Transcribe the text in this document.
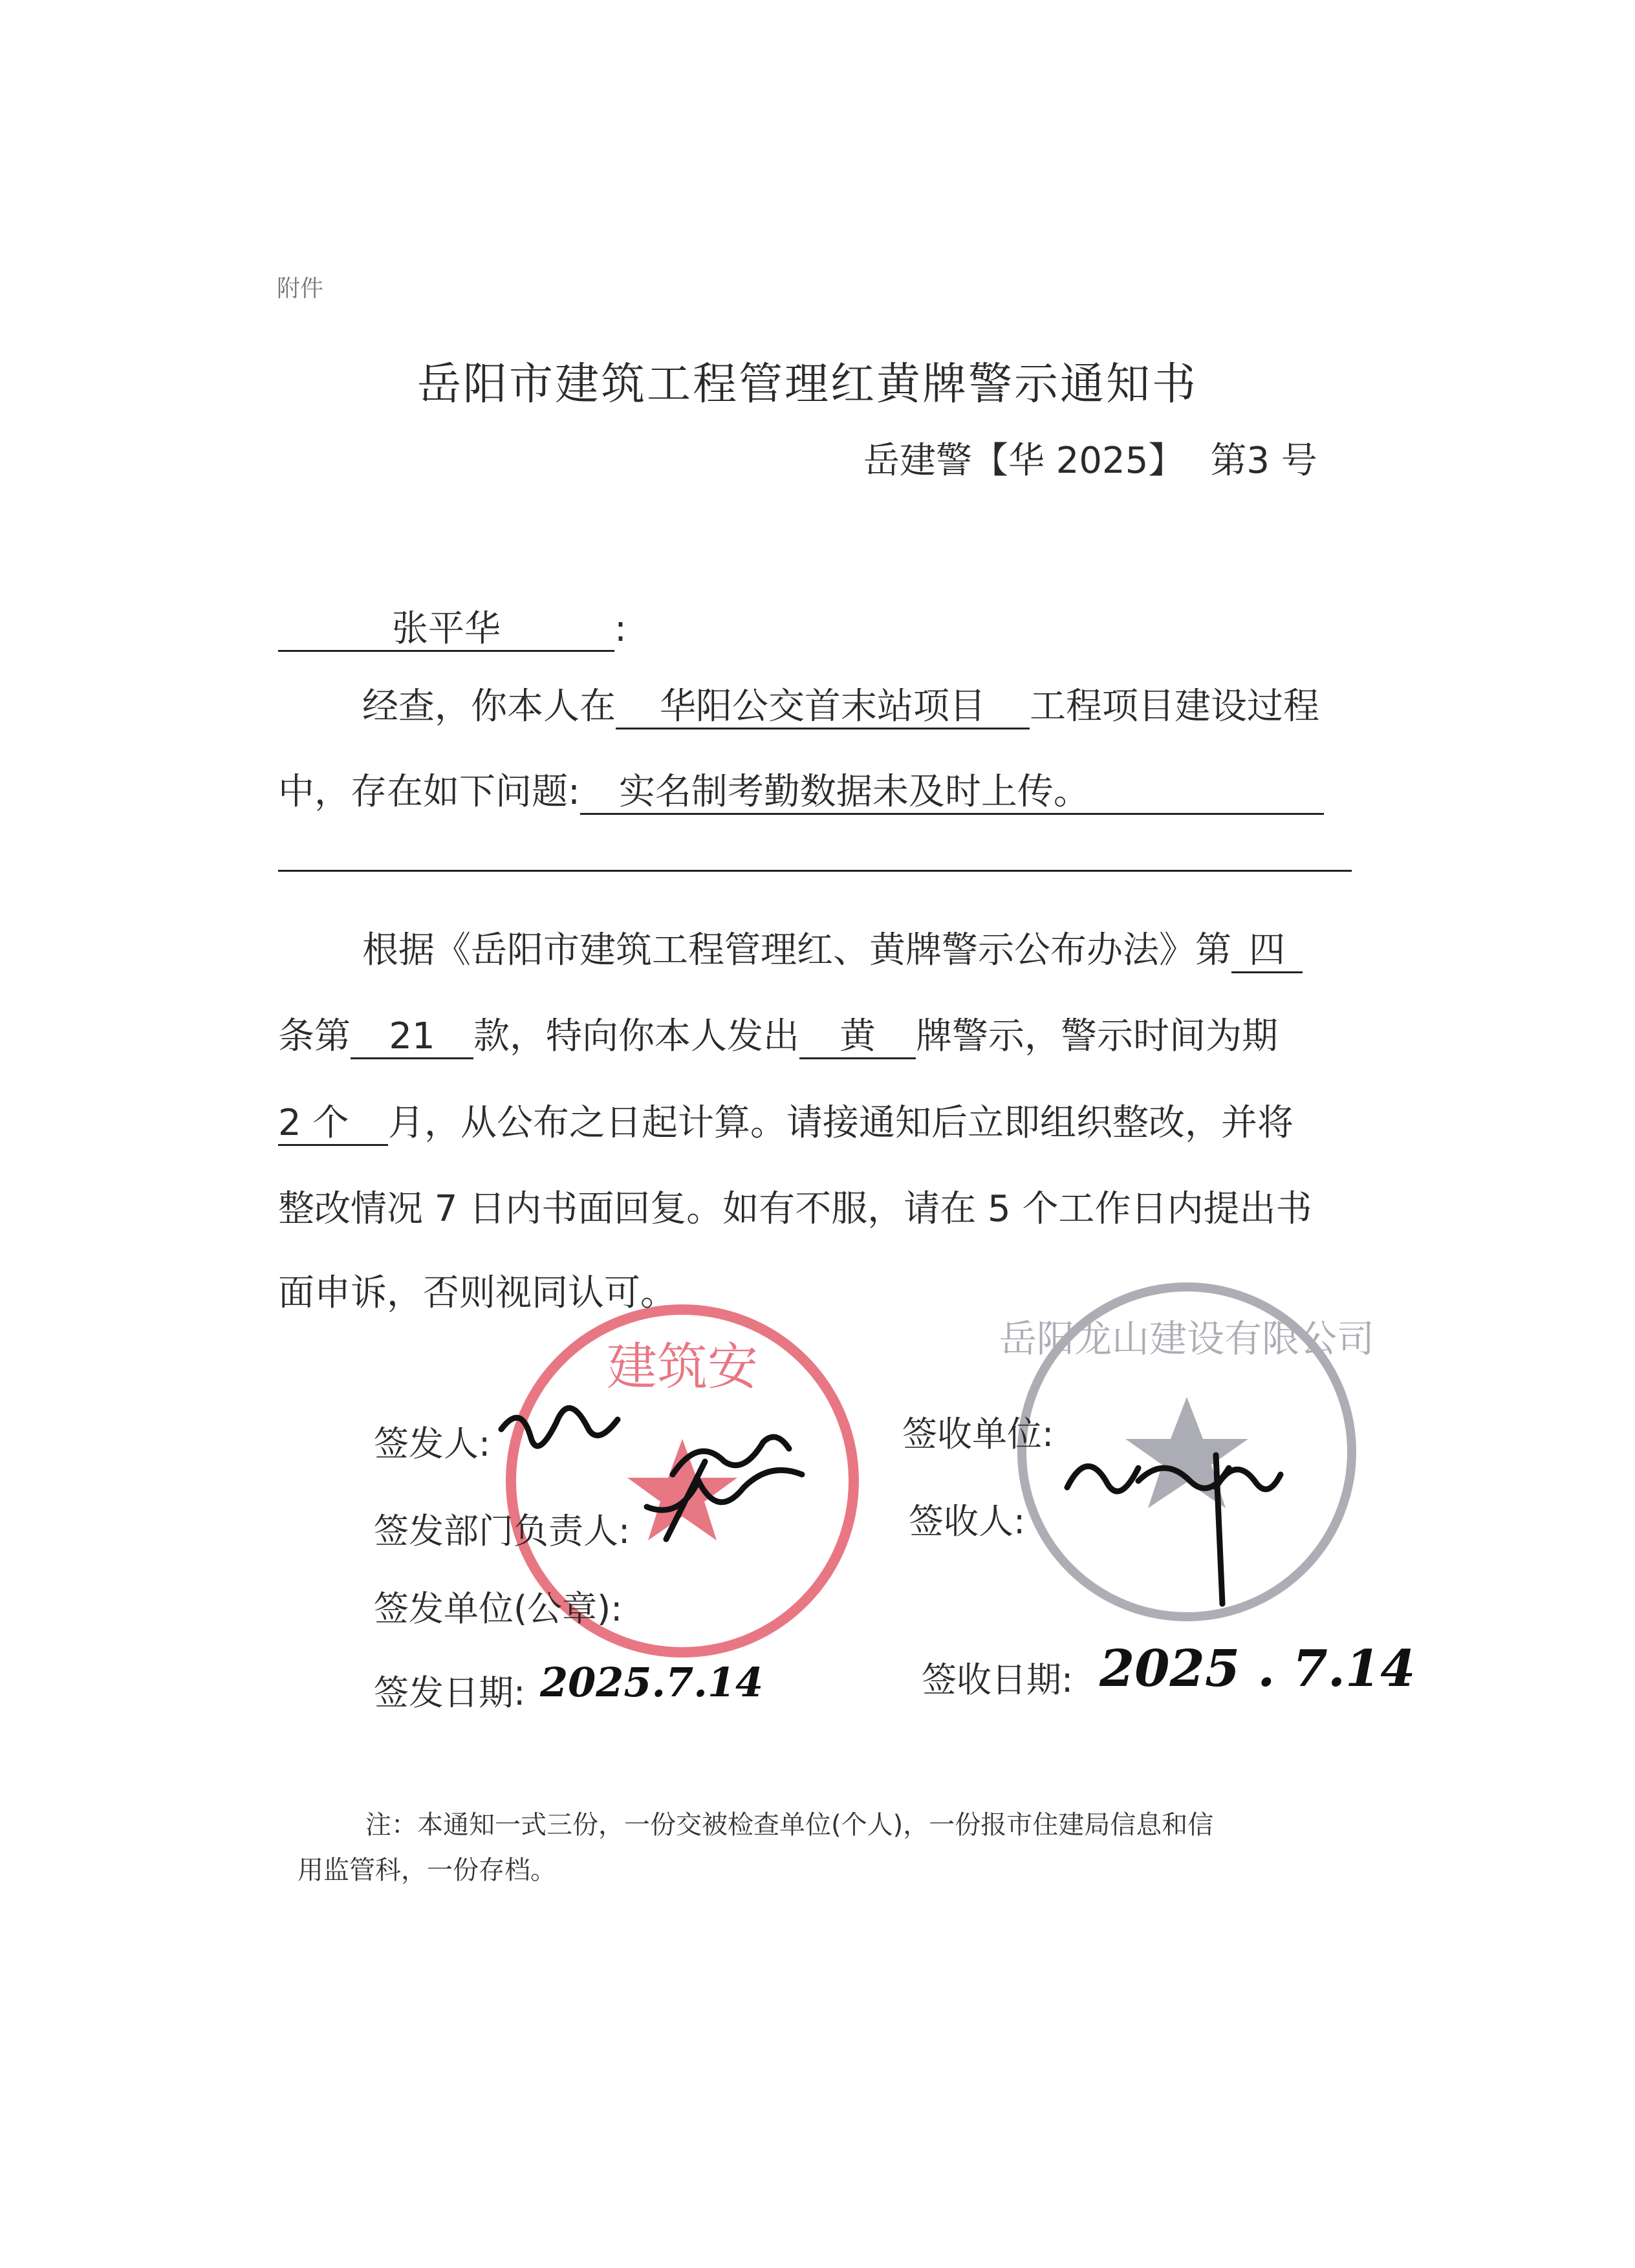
附件
岳阳市建筑工程管理红黄牌警示通知书
岳建警【华 2025】 第3 号
张平华	:
经查，你本人在 华阳公交首末站项目 工程项目建设过程
中，存在如下问题: 实名制考勤数据未及时上传。
根据《岳阳市建筑工程管理红、黄牌警示公布办法》第 四
条第 21 款，特向你本人发出 黄 牌警示，警示时间为期
2 个 月，从公布之日起计算。请接通知后立即组织整改，并将
整改情况 7 日内书面回复。如有不服，请在 5 个工作日内提出书
面申诉，否则视同认可。
建筑安	岳阳龙山建设有限公司
签发人:
签发部门负责人:
签发单位(公章):
签发日期: 2025.7.14
签收单位:
签收人:
签收日期: 2025 . 7.14
注：本通知一式三份，一份交被检查单位(个人)，一份报市住建局信息和信
用监管科，一份存档。
